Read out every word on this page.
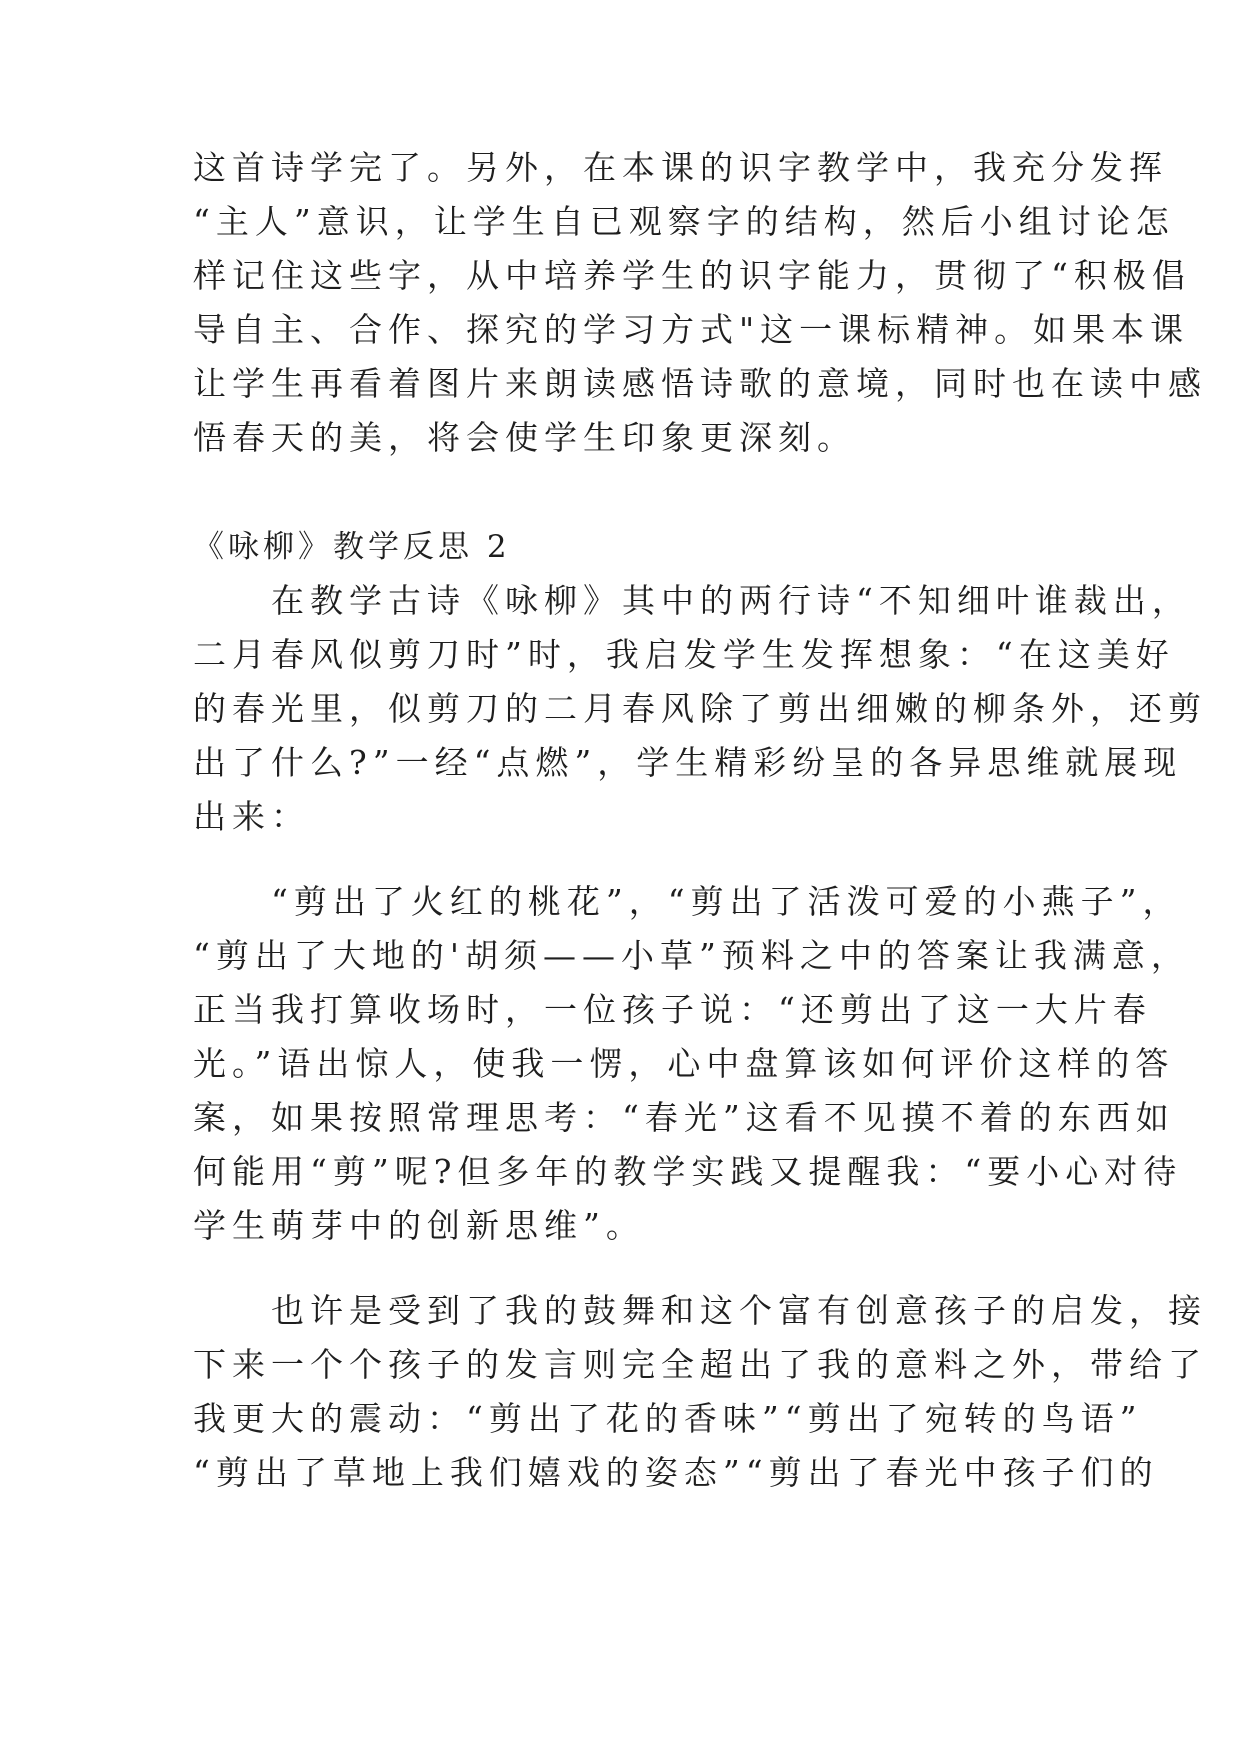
这首诗学完了。另外，在本课的识字教学中，我充分发挥
“主人”意识，让学生自已观察字的结构，然后小组讨论怎
样记住这些字，从中培养学生的识字能力，贯彻了“积极倡
导自主、合作、探究的学习方式"这一课标精神。如果本课
让学生再看着图片来朗读感悟诗歌的意境，同时也在读中感
悟春天的美，将会使学生印象更深刻。
《咏柳》教学反思 2
　　在教学古诗《咏柳》其中的两行诗“不知细叶谁裁出，
二月春风似剪刀时”时，我启发学生发挥想象：“在这美好
的春光里，似剪刀的二月春风除了剪出细嫩的柳条外，还剪
出了什么?”一经“点燃”，学生精彩纷呈的各异思维就展现
出来：
　　“剪出了火红的桃花”，“剪出了活泼可爱的小燕子”，
“剪出了大地的'胡须——小草”预料之中的答案让我满意，
正当我打算收场时，一位孩子说：“还剪出了这一大片春
光。”语出惊人，使我一愣，心中盘算该如何评价这样的答
案，如果按照常理思考：“春光”这看不见摸不着的东西如
何能用“剪”呢?但多年的教学实践又提醒我：“要小心对待
学生萌芽中的创新思维”。
　　也许是受到了我的鼓舞和这个富有创意孩子的启发，接
下来一个个孩子的发言则完全超出了我的意料之外，带给了
我更大的震动：“剪出了花的香味”“剪出了宛转的鸟语”
“剪出了草地上我们嬉戏的姿态”“剪出了春光中孩子们的
